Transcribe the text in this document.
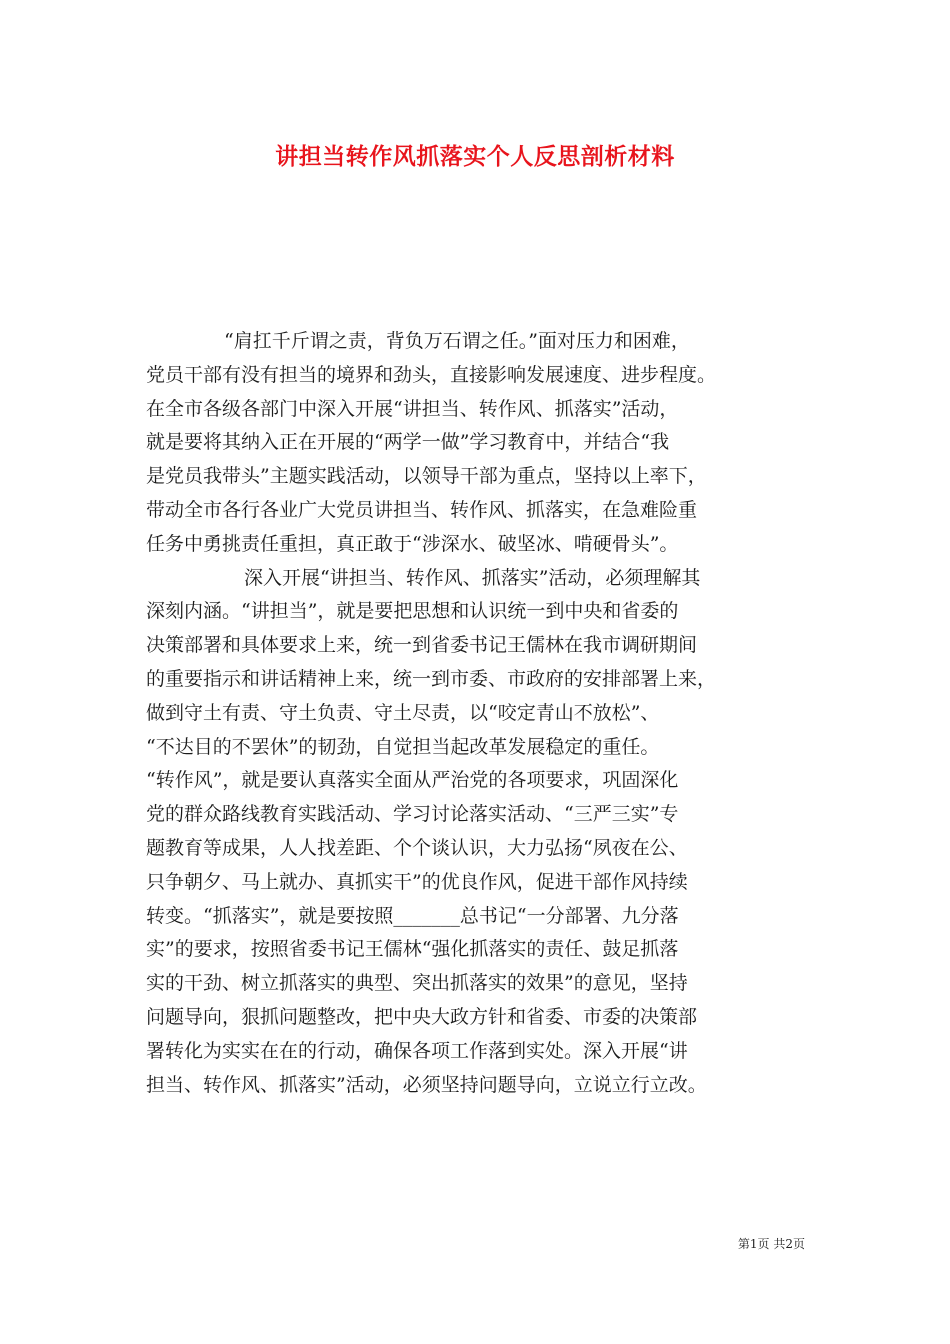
讲担当转作风抓落实个人反思剖析材料
“肩扛千斤谓之责，背负万石谓之任。”面对压力和困难，
党员干部有没有担当的境界和劲头，直接影响发展速度、进步程度。
在全市各级各部门中深入开展“讲担当、转作风、抓落实”活动，
就是要将其纳入正在开展的“两学一做”学习教育中，并结合“我
是党员我带头”主题实践活动，以领导干部为重点，坚持以上率下，
带动全市各行各业广大党员讲担当、转作风、抓落实，在急难险重
任务中勇挑责任重担，真正敢于“涉深水、破坚冰、啃硬骨头”。
深入开展“讲担当、转作风、抓落实”活动，必须理解其
深刻内涵。“讲担当”，就是要把思想和认识统一到中央和省委的
决策部署和具体要求上来，统一到省委书记王儒林在我市调研期间
的重要指示和讲话精神上来，统一到市委、市政府的安排部署上来，
做到守土有责、守土负责、守土尽责，以“咬定青山不放松”、
“不达目的不罢休”的韧劲，自觉担当起改革发展稳定的重任。
“转作风”，就是要认真落实全面从严治党的各项要求，巩固深化
党的群众路线教育实践活动、学习讨论落实活动、“三严三实”专
题教育等成果，人人找差距、个个谈认识，大力弘扬“夙夜在公、
只争朝夕、马上就办、真抓实干”的优良作风，促进干部作风持续
转变。“抓落实”，就是要按照_______总书记“一分部署、九分落
实”的要求，按照省委书记王儒林“强化抓落实的责任、鼓足抓落
实的干劲、树立抓落实的典型、突出抓落实的效果”的意见，坚持
问题导向，狠抓问题整改，把中央大政方针和省委、市委的决策部
署转化为实实在在的行动，确保各项工作落到实处。深入开展“讲
担当、转作风、抓落实”活动，必须坚持问题导向，立说立行立改。
第1页 共2页
